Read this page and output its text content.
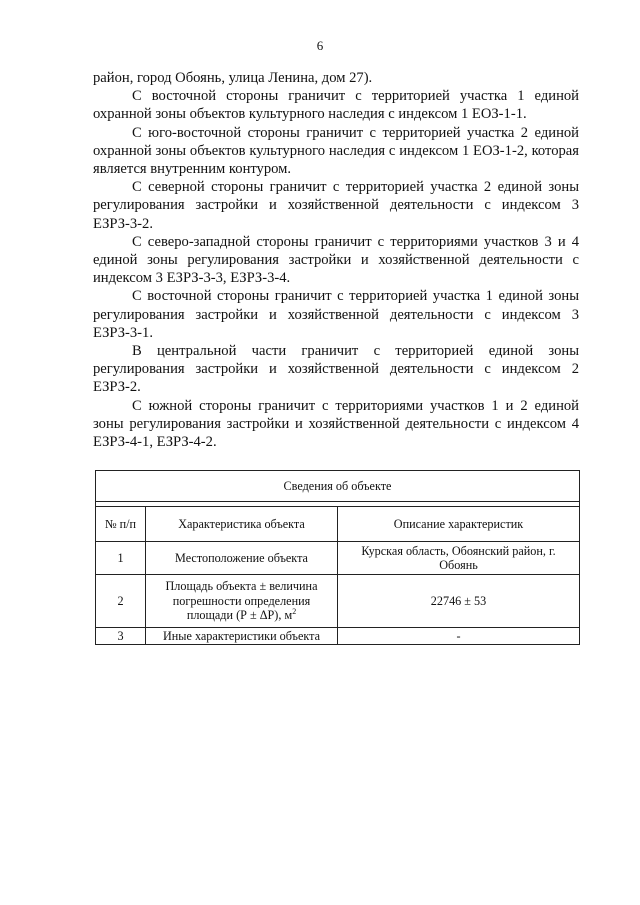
6

район, город Обоянь, улица Ленина, дом 27).

С восточной стороны граничит с территорией участка 1 единой охранной зоны объектов культурного наследия с индексом 1 ЕОЗ-1-1.

С юго-восточной стороны граничит с территорией участка 2 единой охранной зоны объектов культурного наследия с индексом 1 ЕОЗ-1-2, которая является внутренним контуром.

С северной стороны граничит с территорией участка 2 единой зоны регулирования застройки и хозяйственной деятельности с индексом 3 ЕЗРЗ-3-2.

С северо-западной стороны граничит с территориями участков 3 и 4 единой зоны регулирования застройки и хозяйственной деятельности с индексом 3 ЕЗРЗ-3-3, ЕЗРЗ-3-4.

С восточной стороны граничит с территорией участка 1 единой зоны регулирования застройки и хозяйственной деятельности с индексом 3 ЕЗРЗ-3-1.

В центральной части граничит с территорией единой зоны регулирования застройки и хозяйственной деятельности с индексом 2 ЕЗРЗ-2.

С южной стороны граничит с территориями участков 1 и 2 единой зоны регулирования застройки и хозяйственной деятельности с индексом 4 ЕЗРЗ-4-1, ЕЗРЗ-4-2.

Сведения об объекте		

№ п/п	Характеристика объекта	Описание характеристик
1	Местоположение объекта	Курская область, Обоянский район, г. Обоянь
2	Площадь объекта ± величина погрешности определения площади (Р ± ΔР), $м^2$	22746 ± 53
3	Иные характеристики объекта	-
